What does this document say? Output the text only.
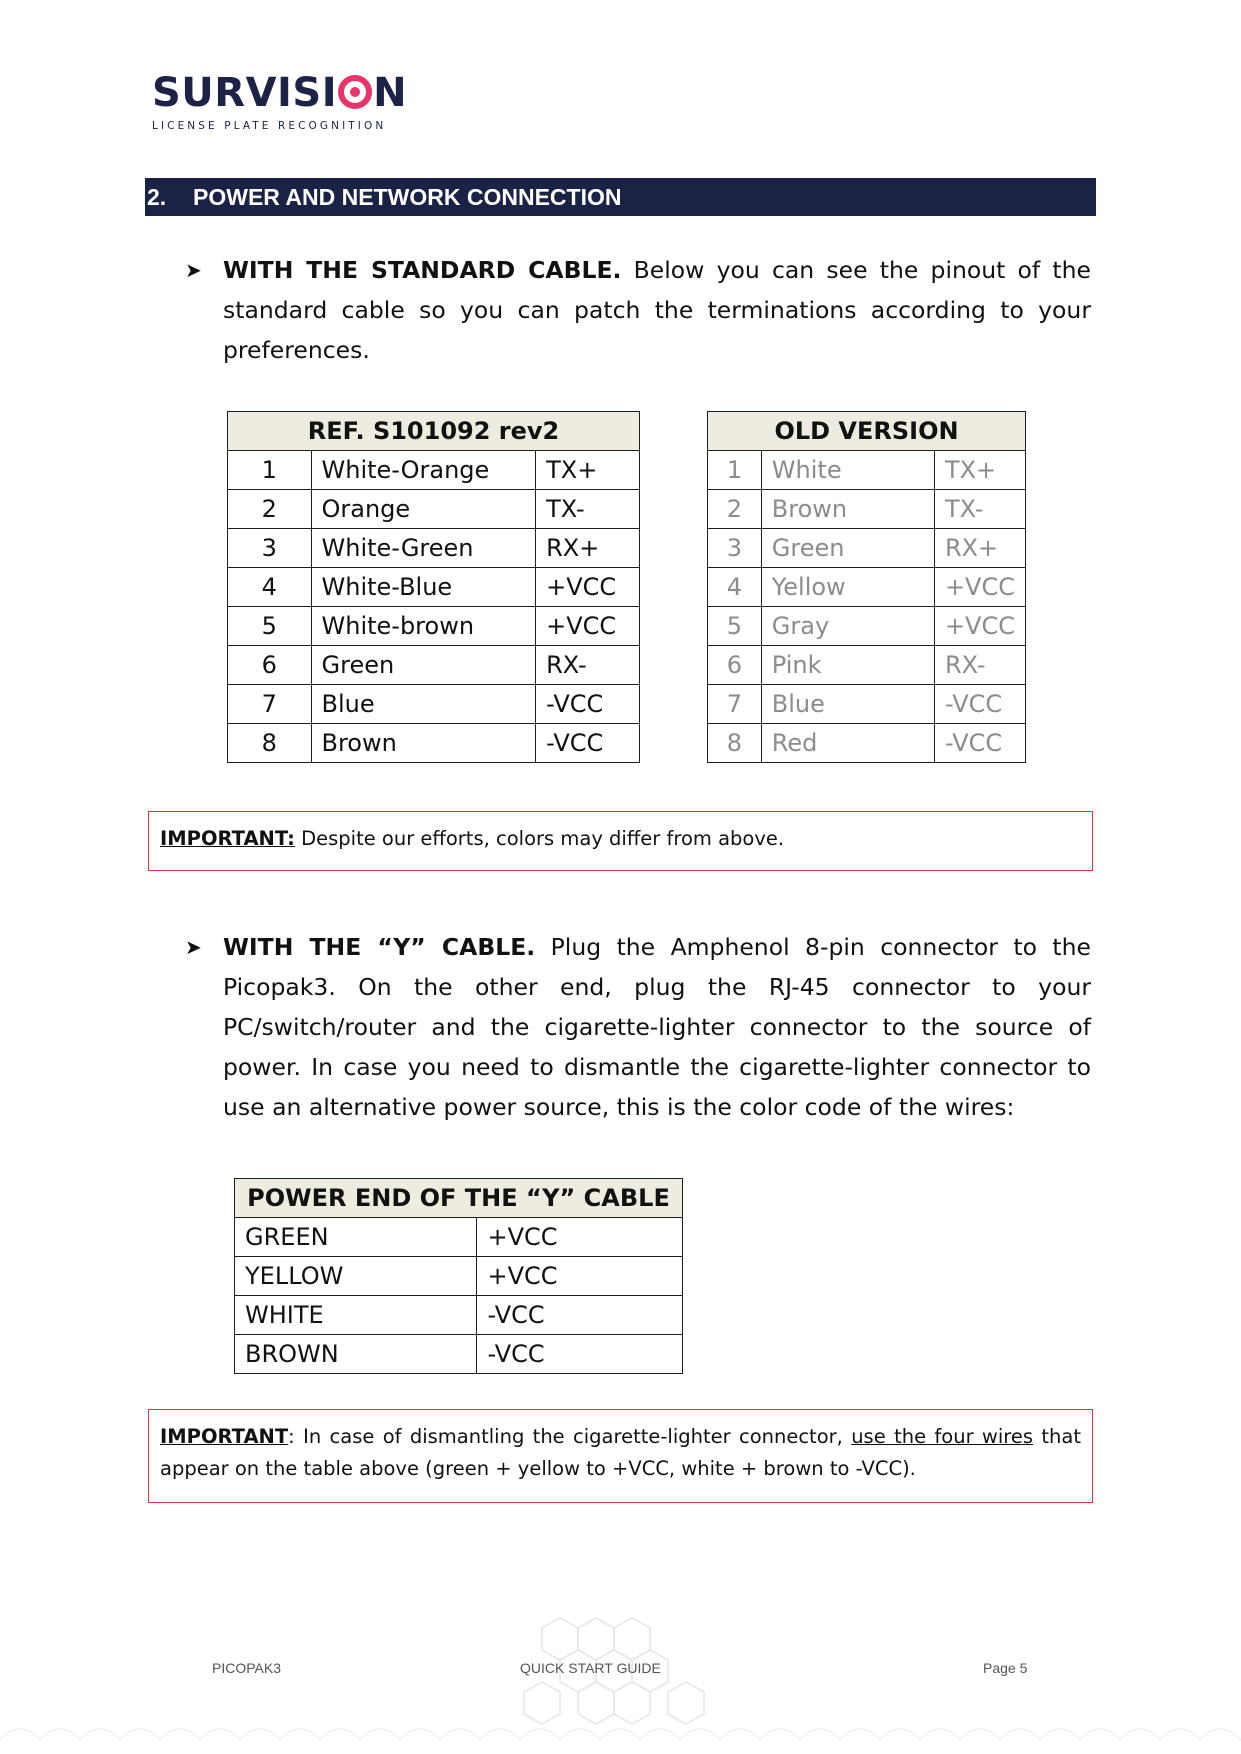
SURVISI N

LICENSE PLATE RECOGNITION

2. POWER AND NETWORK CONNECTION
➤ WITH THE STANDARD CABLE. Below you can see the pinout of the standard cable so you can patch the terminations according to your preferences.
REF. S101092 rev2		
1	White-Orange	TX+
2	Orange	TX-
3	White-Green	RX+
4	White-Blue	+VCC
5	White-brown	+VCC
6	Green	RX-
7	Blue	-VCC
8	Brown	-VCC
OLD VERSION		
1	White	TX+
2	Brown	TX-
3	Green	RX+
4	Yellow	+VCC
5	Gray	+VCC
6	Pink	RX-
7	Blue	-VCC
8	Red	-VCC
IMPORTANT: Despite our efforts, colors may differ from above.
➤ WITH THE “Y” CABLE. Plug the Amphenol 8-pin connector to the Picopak3. On the other end, plug the RJ-45 connector to your PC/switch/router and the cigarette-lighter connector to the source of power. In case you need to dismantle the cigarette-lighter connector to use an alternative power source, this is the color code of the wires:
POWER END OF THE “Y” CABLE	
GREEN	+VCC
YELLOW	+VCC
WHITE	-VCC
BROWN	-VCC
IMPORTANT: In case of dismantling the cigarette-lighter connector, use the four wires that appear on the table above (green + yellow to +VCC, white + brown to -VCC).
PICOPAK3	QUICK START GUIDE	Page 5
